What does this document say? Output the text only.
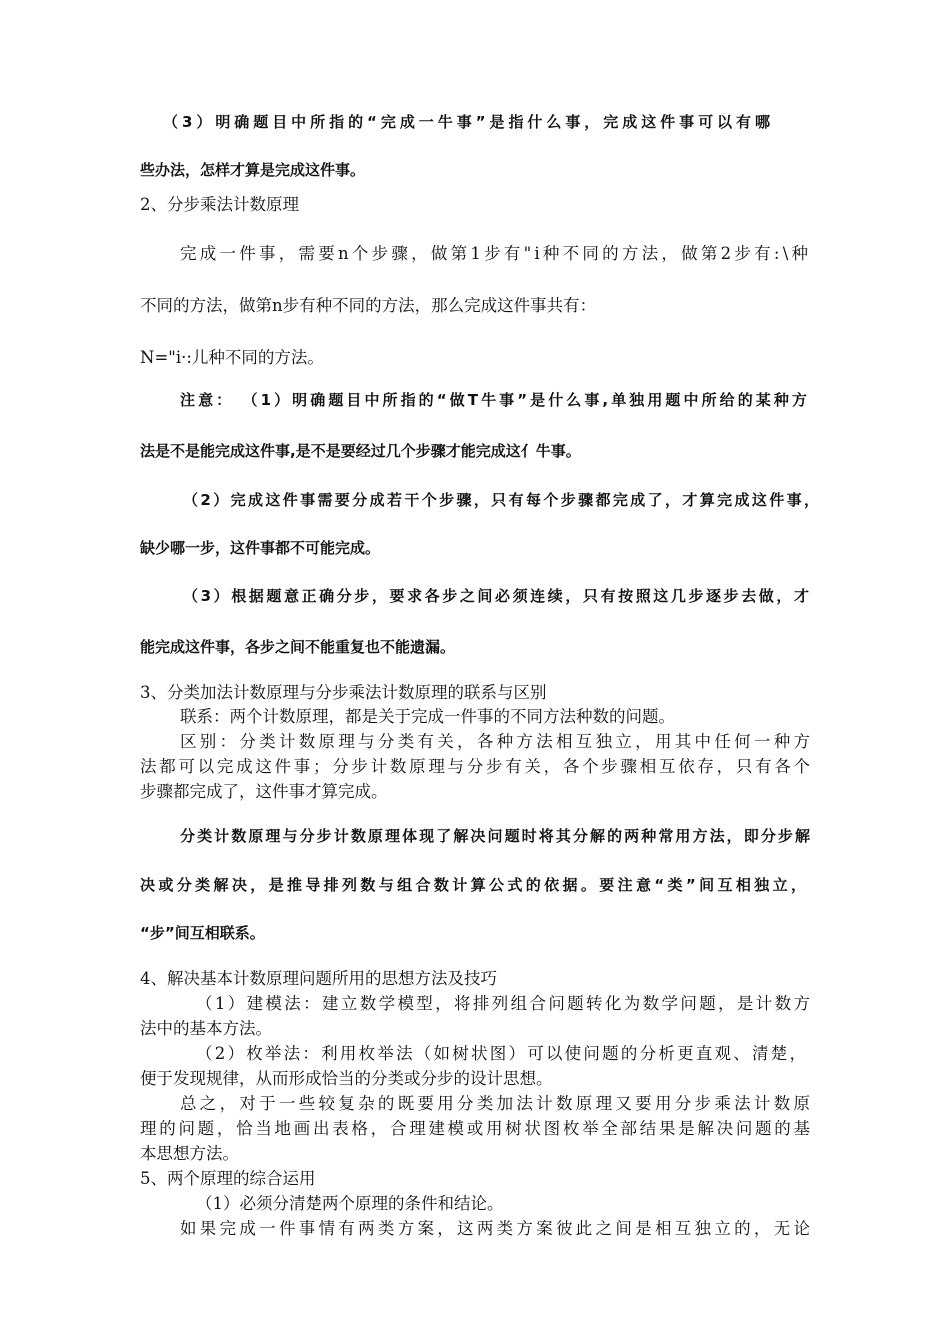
（3）明确题目中所指的“完成一牛事”是指什么事，完成这件事可以有哪

些办法，怎样才算是完成这件事。

2、分步乘法计数原理

完成一件事，需要n个步骤，做第1步有"i种不同的方法，做第2步有:\种

不同的方法，做第n步有种不同的方法，那么完成这件事共有：

N="i·:儿种不同的方法。

注意： （1）明确题目中所指的“做T牛事”是什么事,单独用题中所给的某种方

法是不是能完成这件事,是不是要经过几个步骤才能完成这亻牛事。

（2）完成这件事需要分成若干个步骤，只有每个步骤都完成了，才算完成这件事，

缺少哪一步，这件事都不可能完成。

（3）根据题意正确分步，要求各步之间必须连续，只有按照这几步逐步去做，才

能完成这件事，各步之间不能重复也不能遗漏。

3、分类加法计数原理与分步乘法计数原理的联系与区别

联系：两个计数原理，都是关于完成一件事的不同方法种数的问题。

区别：分类计数原理与分类有关，各种方法相互独立，用其中任何一种方

法都可以完成这件事；分步计数原理与分步有关，各个步骤相互依存，只有各个

步骤都完成了，这件事才算完成。

分类计数原理与分步计数原理体现了解决问题时将其分解的两种常用方法，即分步解

决或分类解决，是推导排列数与组合数计算公式的依据。要注意“类”间互相独立，

“步”间互相联系。

4、解决基本计数原理问题所用的思想方法及技巧

（1）建模法：建立数学模型，将排列组合问题转化为数学问题，是计数方

法中的基本方法。

（2）枚举法：利用枚举法（如树状图）可以使问题的分析更直观、清楚，

便于发现规律，从而形成恰当的分类或分步的设计思想。

总之，对于一些较复杂的既要用分类加法计数原理又要用分步乘法计数原

理的问题，恰当地画出表格，合理建模或用树状图枚举全部结果是解决问题的基

本思想方法。

5、两个原理的综合运用

（1）必须分清楚两个原理的条件和结论。

如果完成一件事情有两类方案，这两类方案彼此之间是相互独立的，无论
